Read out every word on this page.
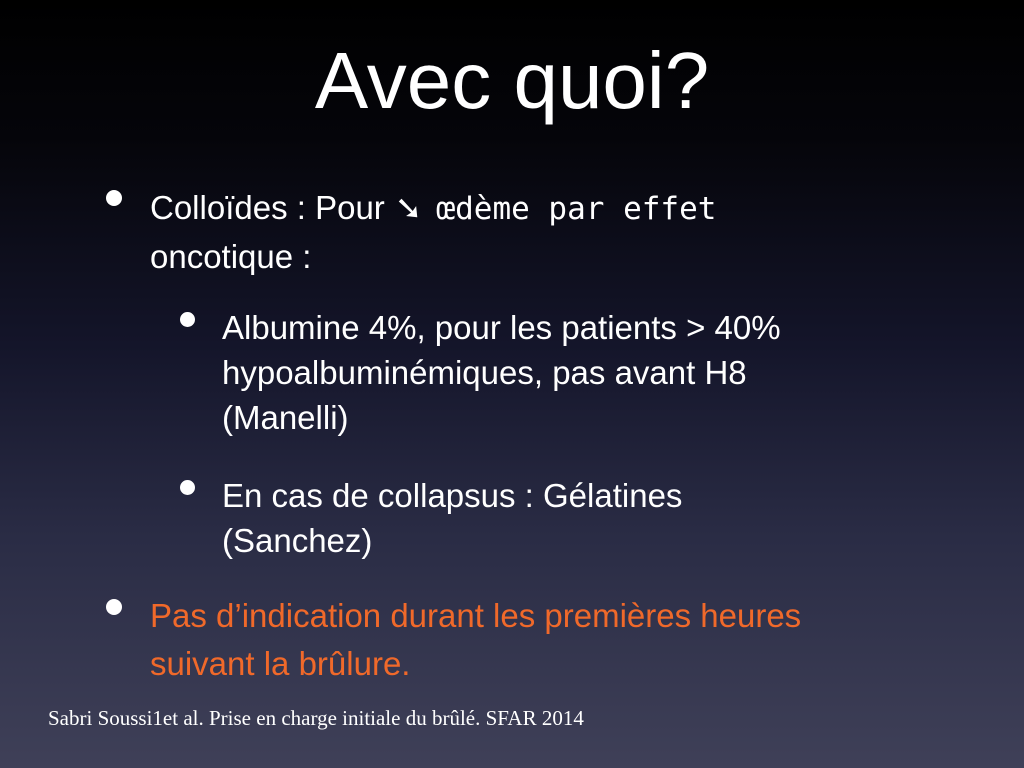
Avec quoi?
Colloïdes : Pour ➘ œdème par effet
oncotique :
Albumine 4%, pour les patients > 40%
hypoalbuminémiques, pas avant H8
(Manelli)
En cas de collapsus : Gélatines
(Sanchez)
Pas d’indication durant les premières heures
suivant la brûlure.
Sabri Soussi1et al. Prise en charge initiale du brûlé. SFAR 2014
